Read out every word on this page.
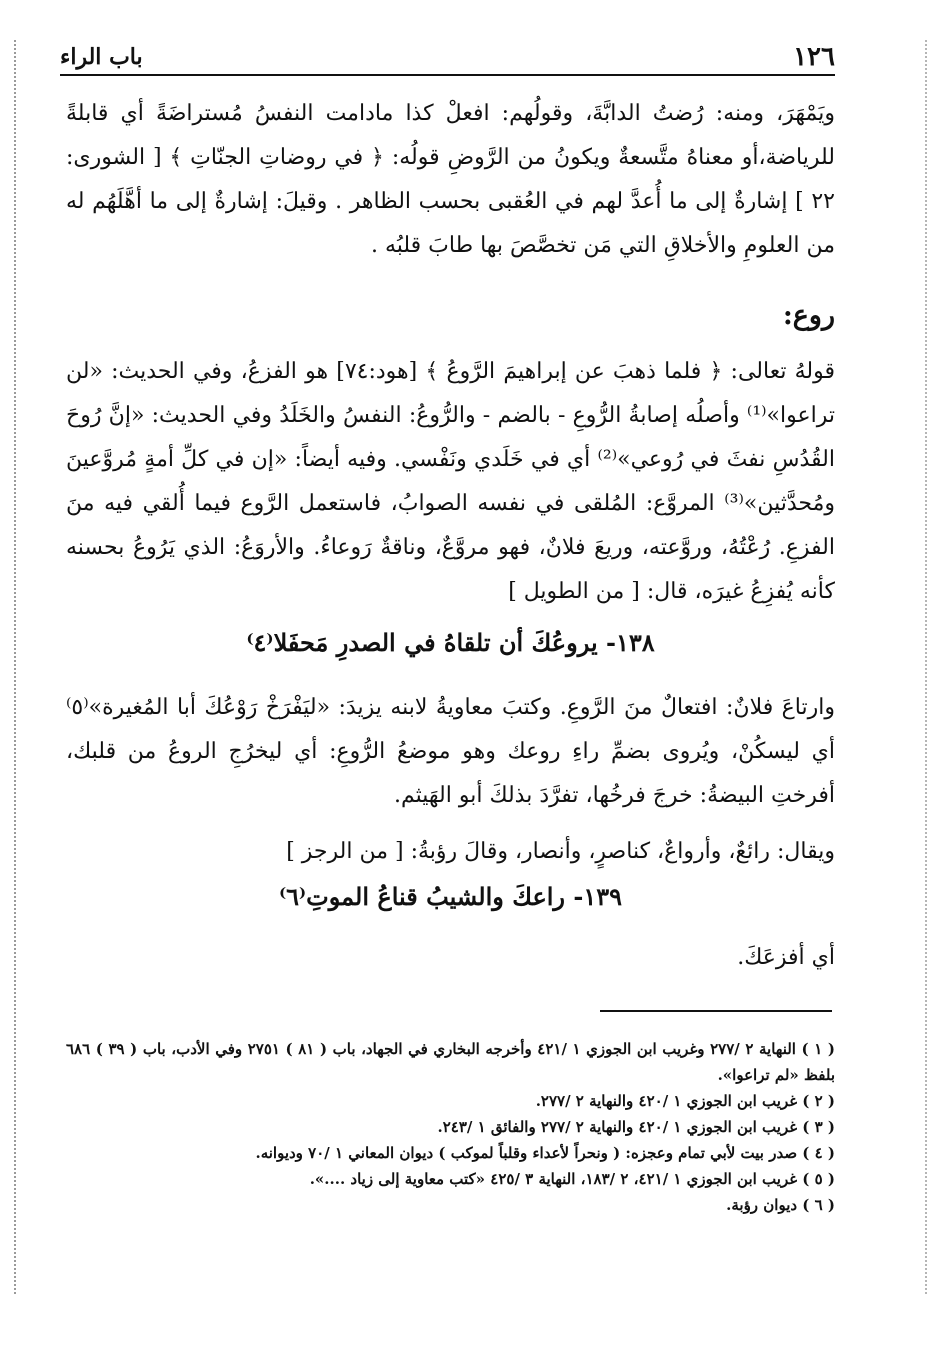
١٢٦
باب الراء
ويَمْهَرَ، ومنه: رُضتُ الدابَّةَ، وقولُهم: افعلْ كذا مادامت النفسُ مُستراضَةً أي قابلةً للرياضة،أو معناهُ متَّسعةٌ ويكونُ من الرَّوضِ قولُه: ﴿ في روضاتِ الجنّاتِ ﴾ [ الشورى: ٢٢ ] إشارةٌ إلى ما أُعدَّ لهم في العُقبى بحسب الظاهر . وقيلَ: إشارةٌ إلى ما أهَّلَهُم له من العلومِ والأخلاقِ التي مَن تخصَّصَ بها طابَ قلبُه .
روع:
قولهُ تعالى: ﴿ فلما ذهبَ عن إبراهيمَ الرَّوعُ ﴾ [هود:٧٤] هو الفزعُ، وفي الحديث: «لن تراعوا»⁽¹⁾ وأصلُه إصابةُ الرُّوعِ - بالضم - والرُّوعُ: النفسُ والخَلَدُ وفي الحديث: «إنَّ رُوحَ القُدُسِ نفثَ في رُوعي»⁽²⁾ أي في خَلَدي ونَفْسي. وفيه أيضاً: «إن في كلِّ أمةٍ مُروَّعينَ ومُحدَّثين»⁽³⁾ المروَّع: المُلقى في نفسه الصوابُ، فاستعمل الرَّوع فيما أُلقي فيه منَ الفزعِ. رُعْتُهُ، وروَّعته، وريعَ فلانٌ، فهو مروَّعٌ، وناقةٌ رَوعاءُ. والأروَعُ: الذي يَرُوعُ بحسنه كأنه يُفزِعُ غيرَه، قال: [ من الطويل ]
١٣٨- يروعُكَ أن تلقاهُ في الصدرِ مَحفَلا⁽٤⁾
وارتاعَ فلانٌ: افتعالٌ منَ الرَّوعِ. وكتبَ معاويةُ لابنه يزيدَ: «ليَفْرَخْ رَوْعُكَ أبا المُغيرة»⁽٥⁾ أي ليسكُنْ، ويُروى بضمِّ راءِ روعك وهو موضعُ الرُّوعِ: أي ليخرُجِ الروعُ من قلبك، أفرختِ البيضةُ: خرجَ فرخُها، تفرَّدَ بذلكَ أبو الهَيثم.
ويقال: رائعٌ، وأرواعٌ، كناصرٍ، وأنصار، وقالَ رؤبةُ: [ من الرجز ]
١٣٩- راعكَ والشيبُ قناعُ الموتِ⁽٦⁾
أي أفزعَكَ.

( ١ ) النهاية ٢ /٢٧٧ وغريب ابن الجوزي ١ /٤٢١ وأخرجه البخاري في الجهاد، باب ( ٨١ ) ٢٧٥١ وفي الأدب، باب ( ٣٩ ) ٦٨٦ بلفظ «لم تراعوا».

( ٢ ) غريب ابن الجوزي ١ /٤٢٠ والنهاية ٢ /٢٧٧.

( ٣ ) غريب ابن الجوزي ١ /٤٢٠ والنهاية ٢ /٢٧٧ والفائق ١ /٢٤٣.

( ٤ ) صدر بيت لأبي تمام وعجزه: ( ونحراً لأعداء وقلباً لموكب ) ديوان المعاني ١ /٧٠ وديوانه.

( ٥ ) غريب ابن الجوزي ١ /٤٢١، ٢ /١٨٣، النهاية ٣ /٤٢٥ «كتب معاوية إلى زياد ....».

( ٦ ) ديوان رؤبة.
